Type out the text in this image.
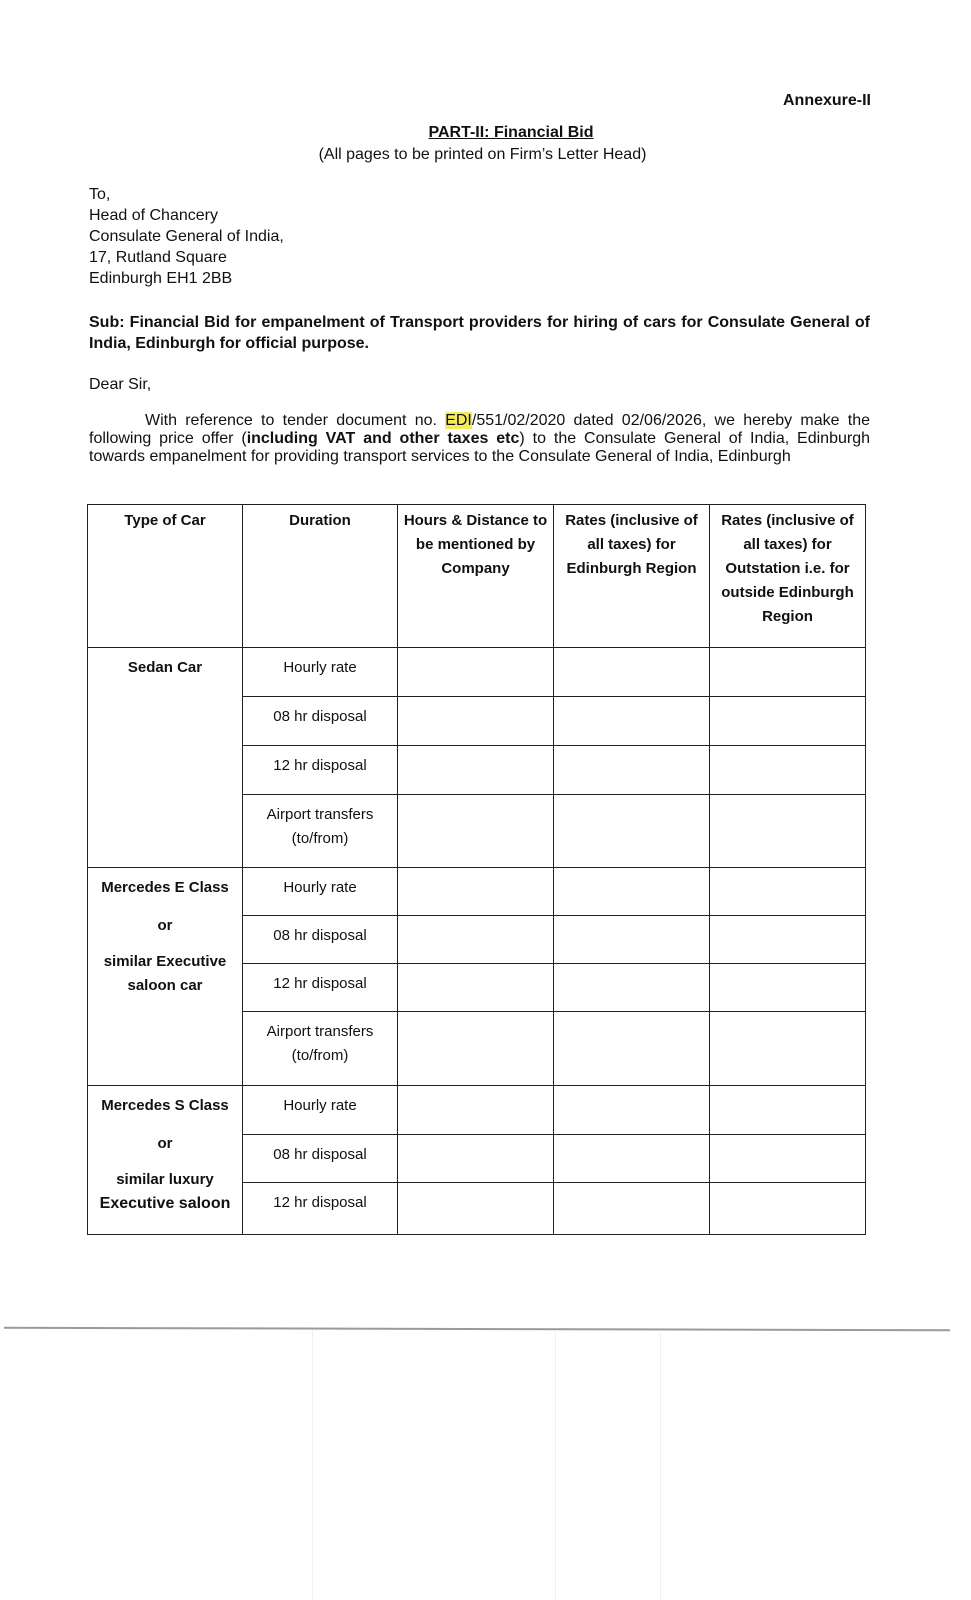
Annexure-II
PART-II: Financial Bid
(All pages to be printed on Firm’s Letter Head)
To,
Head of Chancery
Consulate General of India,
17, Rutland Square
Edinburgh EH1 2BB
Sub: Financial Bid for empanelment of Transport providers for hiring of cars for Consulate General of India, Edinburgh for official purpose.
Dear Sir,
With reference to tender document no. EDI/551/02/2020 dated 02/06/2026, we hereby make the following price offer (including VAT and other taxes etc) to the Consulate General of India, Edinburgh towards empanelment for providing transport services to the Consulate General of India, Edinburgh
Type of Car	Duration	Hours & Distance to be mentioned by Company	Rates (inclusive of all taxes) for Edinburgh Region	Rates (inclusive of all taxes) for Outstation i.e. for outside Edinburgh Region
Sedan Car	Hourly rate			
	08 hr disposal			
	12 hr disposal			
	Airport transfers (to/from)			
Mercedes E Class
or
similar Executive saloon car	Hourly rate			
	08 hr disposal			
	12 hr disposal			
	Airport transfers (to/from)			
Mercedes S Class
or
similar luxury
Executive saloon	Hourly rate			
	08 hr disposal			
	12 hr disposal			
